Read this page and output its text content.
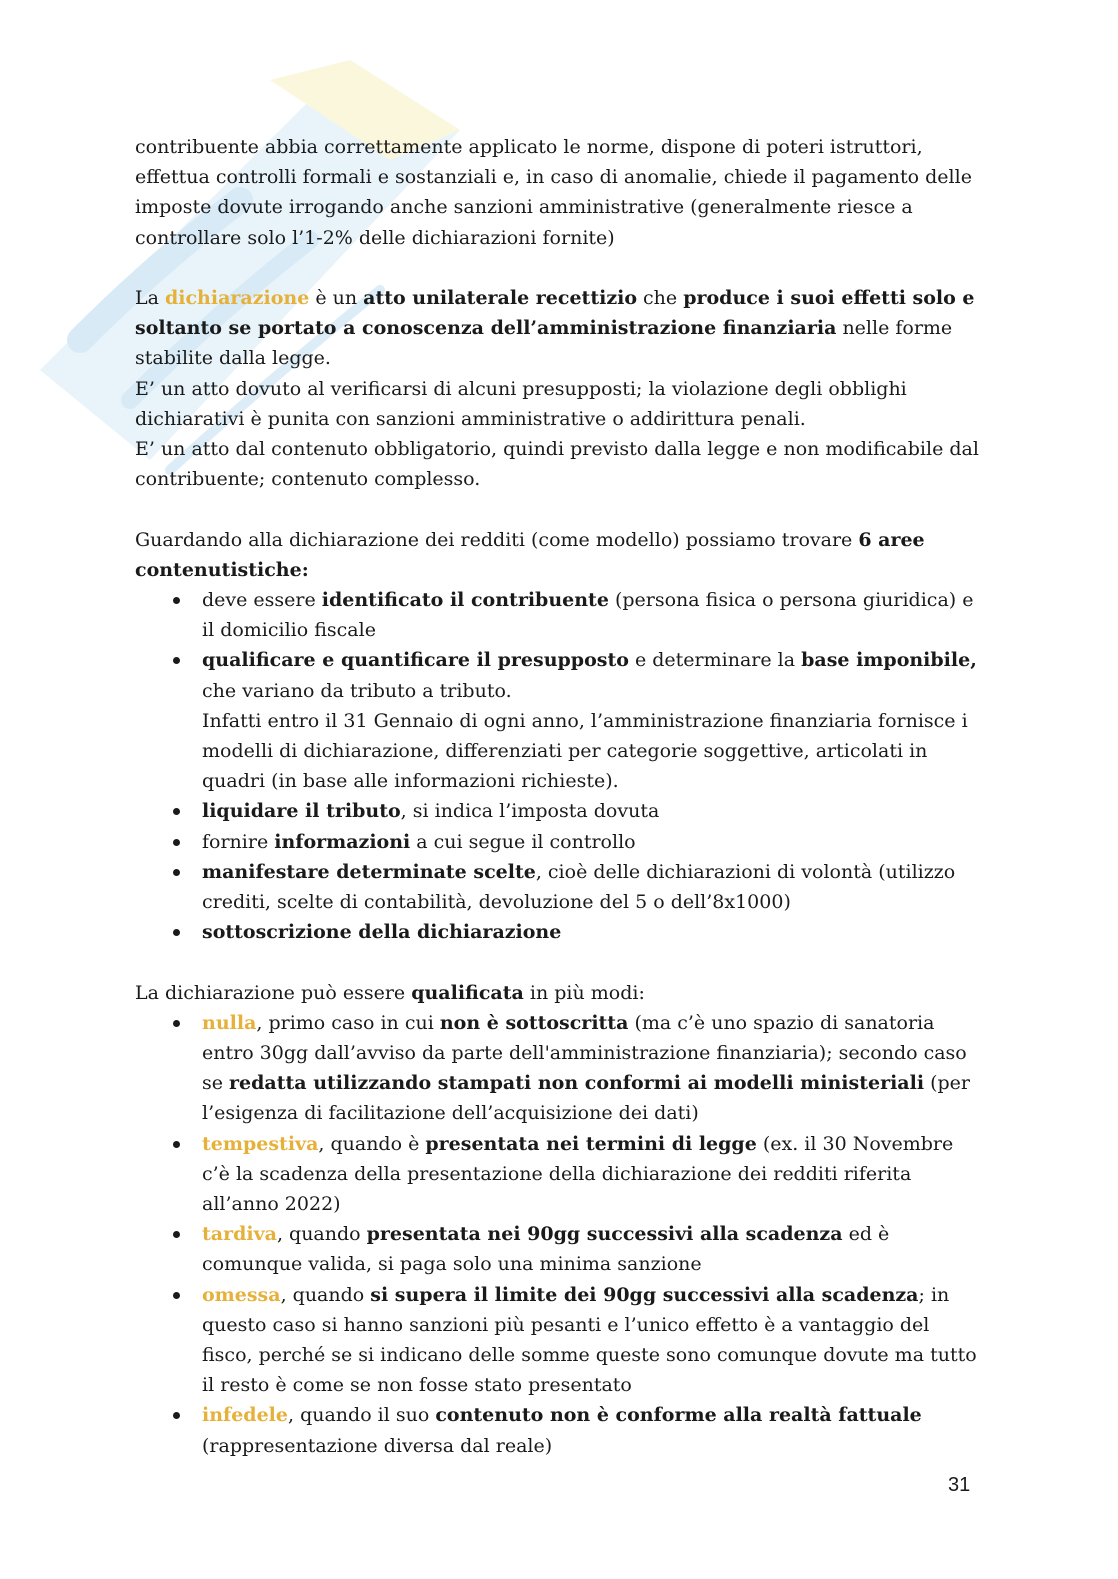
contribuente abbia correttamente applicato le norme, dispone di poteri istruttori, effettua controlli formali e sostanziali e, in caso di anomalie, chiede il pagamento delle imposte dovute irrogando anche sanzioni amministrative (generalmente riesce a controllare solo l’1-2% delle dichiarazioni fornite)

La dichiarazione è un atto unilaterale recettizio che produce i suoi effetti solo e soltanto se portato a conoscenza dell’amministrazione finanziaria nelle forme stabilite dalla legge.

E’ un atto dovuto al verificarsi di alcuni presupposti; la violazione degli obblighi dichiarativi è punita con sanzioni amministrative o addirittura penali.

E’ un atto dal contenuto obbligatorio, quindi previsto dalla legge e non modificabile dal contribuente; contenuto complesso.

Guardando alla dichiarazione dei redditi (come modello) possiamo trovare 6 aree contenutistiche:

deve essere identificato il contribuente (persona fisica o persona giuridica) e il domicilio fiscale
qualificare e quantificare il presupposto e determinare la base imponibile, che variano da tributo a tributo.
Infatti entro il 31 Gennaio di ogni anno, l’amministrazione finanziaria fornisce i modelli di dichiarazione, differenziati per categorie soggettive, articolati in quadri (in base alle informazioni richieste).
liquidare il tributo, si indica l’imposta dovuta
fornire informazioni a cui segue il controllo
manifestare determinate scelte, cioè delle dichiarazioni di volontà (utilizzo crediti, scelte di contabilità, devoluzione del 5 o dell’8x1000)
sottoscrizione della dichiarazione

La dichiarazione può essere qualificata in più modi:

nulla, primo caso in cui non è sottoscritta (ma c’è uno spazio di sanatoria entro 30gg dall’avviso da parte dell'amministrazione finanziaria); secondo caso se redatta utilizzando stampati non conformi ai modelli ministeriali (per l’esigenza di facilitazione dell’acquisizione dei dati)
tempestiva, quando è presentata nei termini di legge (ex. il 30 Novembre c’è la scadenza della presentazione della dichiarazione dei redditi riferita all’anno 2022)
tardiva, quando presentata nei 90gg successivi alla scadenza ed è comunque valida, si paga solo una minima sanzione
omessa, quando si supera il limite dei 90gg successivi alla scadenza; in questo caso si hanno sanzioni più pesanti e l’unico effetto è a vantaggio del fisco, perché se si indicano delle somme queste sono comunque dovute ma tutto il resto è come se non fosse stato presentato
infedele, quando il suo contenuto non è conforme alla realtà fattuale (rappresentazione diversa dal reale)
31
